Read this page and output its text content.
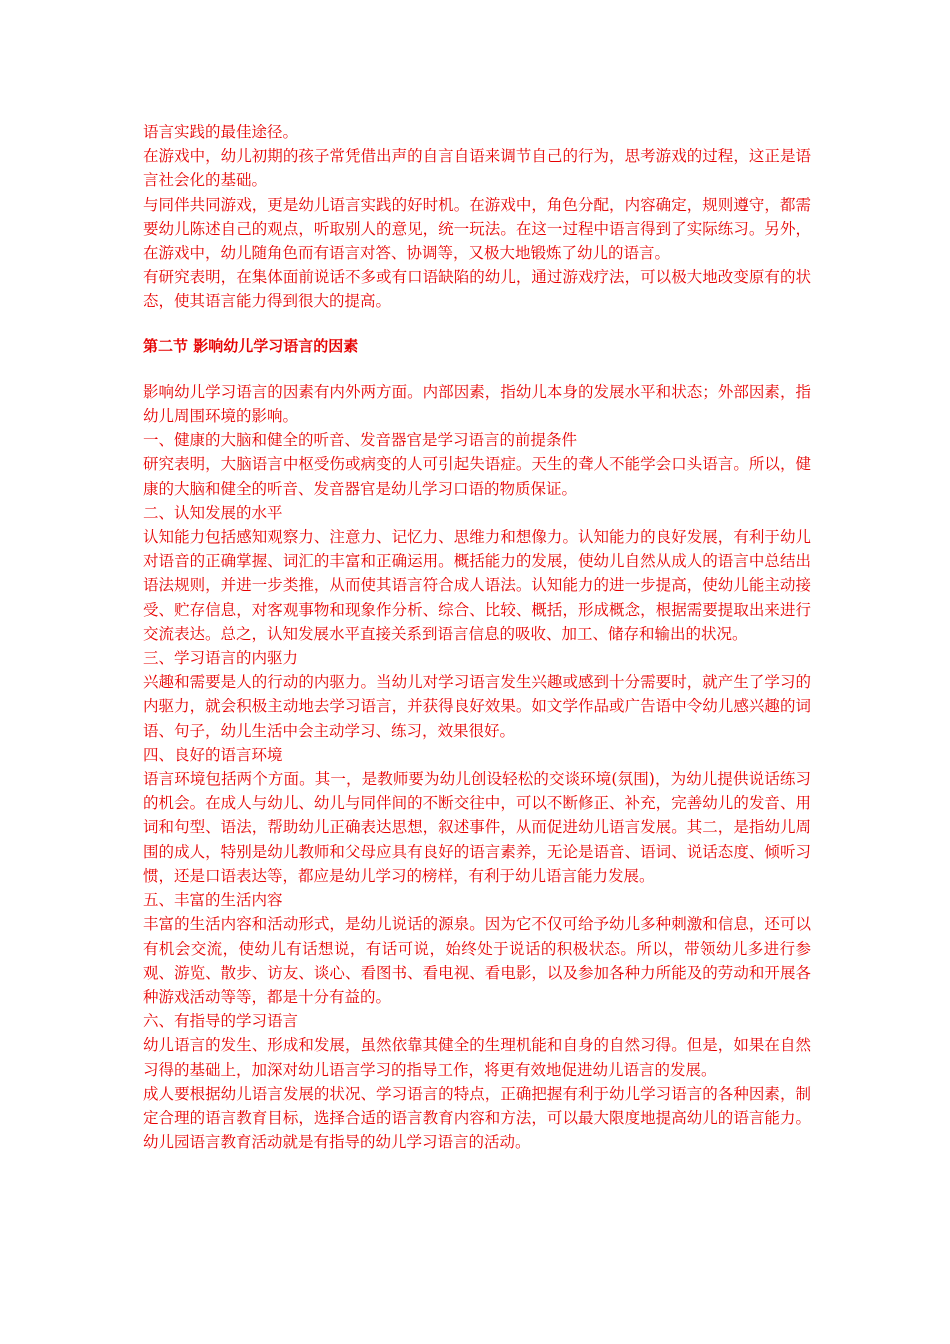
语言实践的最佳途径。

在游戏中，幼儿初期的孩子常凭借出声的自言自语来调节自己的行为，思考游戏的过程，这正是语言社会化的基础。

与同伴共同游戏，更是幼儿语言实践的好时机。在游戏中，角色分配，内容确定，规则遵守，都需要幼儿陈述自己的观点，听取别人的意见，统一玩法。在这一过程中语言得到了实际练习。另外，在游戏中，幼儿随角色而有语言对答、协调等，又极大地锻炼了幼儿的语言。

有研究表明，在集体面前说话不多或有口语缺陷的幼儿，通过游戏疗法，可以极大地改变原有的状态，使其语言能力得到很大的提高。

第二节 影响幼儿学习语言的因素

影响幼儿学习语言的因素有内外两方面。内部因素，指幼儿本身的发展水平和状态；外部因素，指幼儿周围环境的影响。

一、健康的大脑和健全的听音、发音器官是学习语言的前提条件

研究表明，大脑语言中枢受伤或病变的人可引起失语症。天生的聋人不能学会口头语言。所以，健康的大脑和健全的听音、发音器官是幼儿学习口语的物质保证。

二、认知发展的水平

认知能力包括感知观察力、注意力、记忆力、思维力和想像力。认知能力的良好发展，有利于幼儿对语音的正确掌握、词汇的丰富和正确运用。概括能力的发展，使幼儿自然从成人的语言中总结出语法规则，并进一步类推，从而使其语言符合成人语法。认知能力的进一步提高，使幼儿能主动接受、贮存信息，对客观事物和现象作分析、综合、比较、概括，形成概念，根据需要提取出来进行交流表达。总之，认知发展水平直接关系到语言信息的吸收、加工、储存和输出的状况。

三、学习语言的内驱力

兴趣和需要是人的行动的内驱力。当幼儿对学习语言发生兴趣或感到十分需要时，就产生了学习的内驱力，就会积极主动地去学习语言，并获得良好效果。如文学作品或广告语中令幼儿感兴趣的词语、句子，幼儿生活中会主动学习、练习，效果很好。

四、良好的语言环境

语言环境包括两个方面。其一，是教师要为幼儿创设轻松的交谈环境(氛围)，为幼儿提供说话练习的机会。在成人与幼儿、幼儿与同伴间的不断交往中，可以不断修正、补充，完善幼儿的发音、用词和句型、语法，帮助幼儿正确表达思想，叙述事件，从而促进幼儿语言发展。其二，是指幼儿周围的成人，特别是幼儿教师和父母应具有良好的语言素养，无论是语音、语词、说话态度、倾听习惯，还是口语表达等，都应是幼儿学习的榜样，有利于幼儿语言能力发展。

五、丰富的生活内容

丰富的生活内容和活动形式，是幼儿说话的源泉。因为它不仅可给予幼儿多种刺激和信息，还可以有机会交流，使幼儿有话想说，有话可说，始终处于说话的积极状态。所以，带领幼儿多进行参观、游览、散步、访友、谈心、看图书、看电视、看电影，以及参加各种力所能及的劳动和开展各种游戏活动等等，都是十分有益的。

六、有指导的学习语言

幼儿语言的发生、形成和发展，虽然依靠其健全的生理机能和自身的自然习得。但是，如果在自然习得的基础上，加深对幼儿语言学习的指导工作，将更有效地促进幼儿语言的发展。

成人要根据幼儿语言发展的状况、学习语言的特点，正确把握有利于幼儿学习语言的各种因素，制定合理的语言教育目标，选择合适的语言教育内容和方法，可以最大限度地提高幼儿的语言能力。幼儿园语言教育活动就是有指导的幼儿学习语言的活动。
